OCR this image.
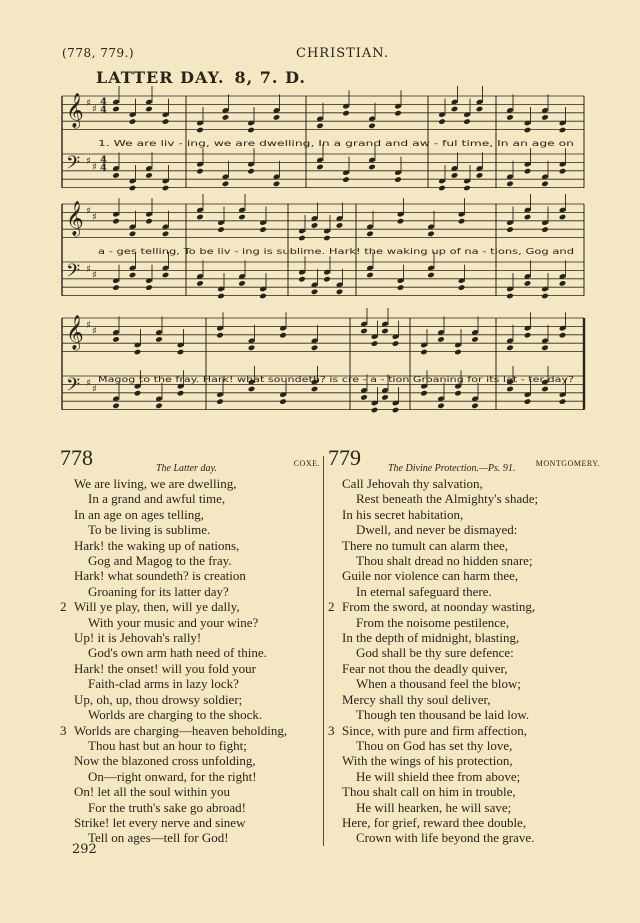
(778, 779.)	CHRISTIAN.
LATTER DAY. 8, 7. D.
𝄞 ♯
♯
𝄢 ♯
♯
1. We are liv - ing, we are dwelling, In a grand and aw - ful time, In an age on
𝄞 ♯
♯
𝄢 ♯
♯
a - ges telling, To be liv - ing is sublime. Hark! the waking up of na - tions, Gog and
𝄞 ♯
♯
𝄢 ♯
♯
Magog to the fray. Hark! what soundeth? is cre - a - tion Groaning for its lat - ter day?
4
4
4
4
778	The Latter day.	COXE.
We are living, we are dwelling,
In a grand and awful time,
In an age on ages telling,
To be living is sublime.
Hark! the waking up of nations,
Gog and Magog to the fray.
Hark! what soundeth? is creation
Groaning for its latter day?
2 Will ye play, then, will ye dally,
With your music and your wine?
Up! it is Jehovah's rally!
God's own arm hath need of thine.
Hark! the onset! will you fold your
Faith-clad arms in lazy lock?
Up, oh, up, thou drowsy soldier;
Worlds are charging to the shock.
3 Worlds are charging—heaven beholding,
Thou hast but an hour to fight;
Now the blazoned cross unfolding,
On—right onward, for the right!
On! let all the soul within you
For the truth's sake go abroad!
Strike! let every nerve and sinew
Tell on ages—tell for God!
779	The Divine Protection.—Ps. 91.	MONTGOMERY.
Call Jehovah thy salvation,
Rest beneath the Almighty's shade;
In his secret habitation,
Dwell, and never be dismayed:
There no tumult can alarm thee,
Thou shalt dread no hidden snare;
Guile nor violence can harm thee,
In eternal safeguard there.
2 From the sword, at noonday wasting,
From the noisome pestilence,
In the depth of midnight, blasting,
God shall be thy sure defence:
Fear not thou the deadly quiver,
When a thousand feel the blow;
Mercy shall thy soul deliver,
Though ten thousand be laid low.
3 Since, with pure and firm affection,
Thou on God has set thy love,
With the wings of his protection,
He will shield thee from above;
Thou shalt call on him in trouble,
He will hearken, he will save;
Here, for grief, reward thee double,
Crown with life beyond the grave.
292
